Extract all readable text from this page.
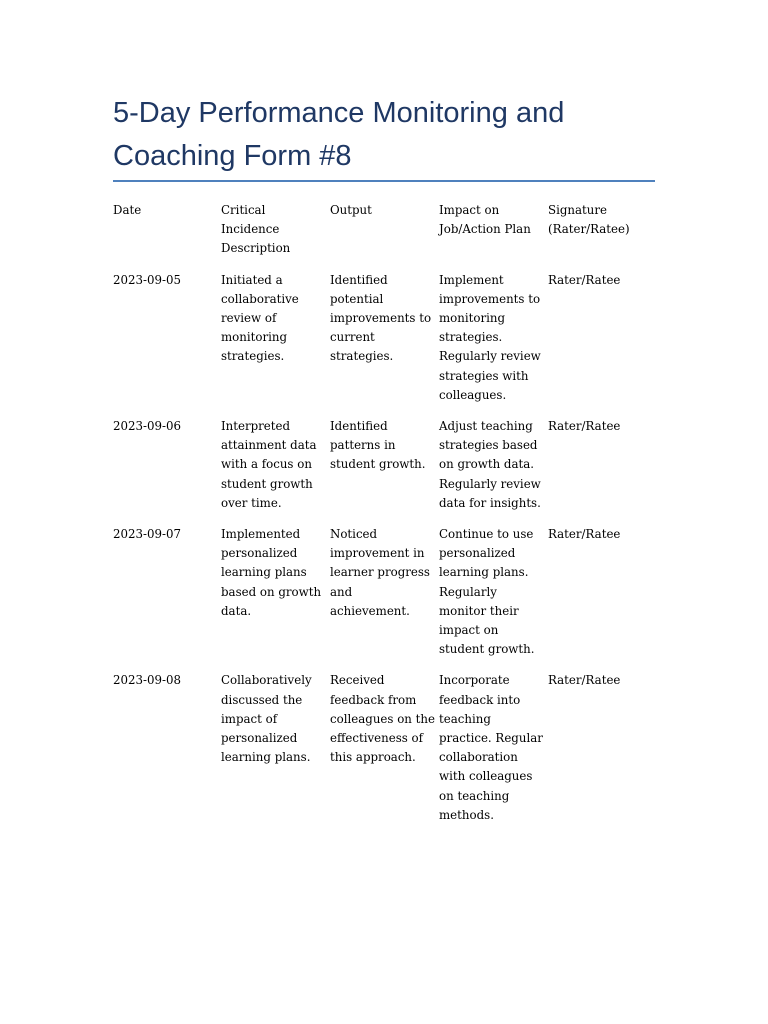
5-Day Performance Monitoring and Coaching Form #8
Date	Critical Incidence Description	Output	Impact on Job/Action Plan	Signature (Rater/Ratee)
2023-09-05	Initiated a collaborative review of monitoring strategies.	Identified potential improvements to current strategies.	Implement improvements to monitoring strategies. Regularly review strategies with colleagues.	Rater/Ratee
2023-09-06	Interpreted attainment data with a focus on student growth over time.	Identified patterns in student growth.	Adjust teaching strategies based on growth data. Regularly review data for insights.	Rater/Ratee
2023-09-07	Implemented personalized learning plans based on growth data.	Noticed improvement in learner progress and achievement.	Continue to use personalized learning plans. Regularly monitor their impact on student growth.	Rater/Ratee
2023-09-08	Collaboratively discussed the impact of personalized learning plans.	Received feedback from colleagues on the effectiveness of this approach.	Incorporate feedback into teaching practice. Regular collaboration with colleagues on teaching methods.	Rater/Ratee
